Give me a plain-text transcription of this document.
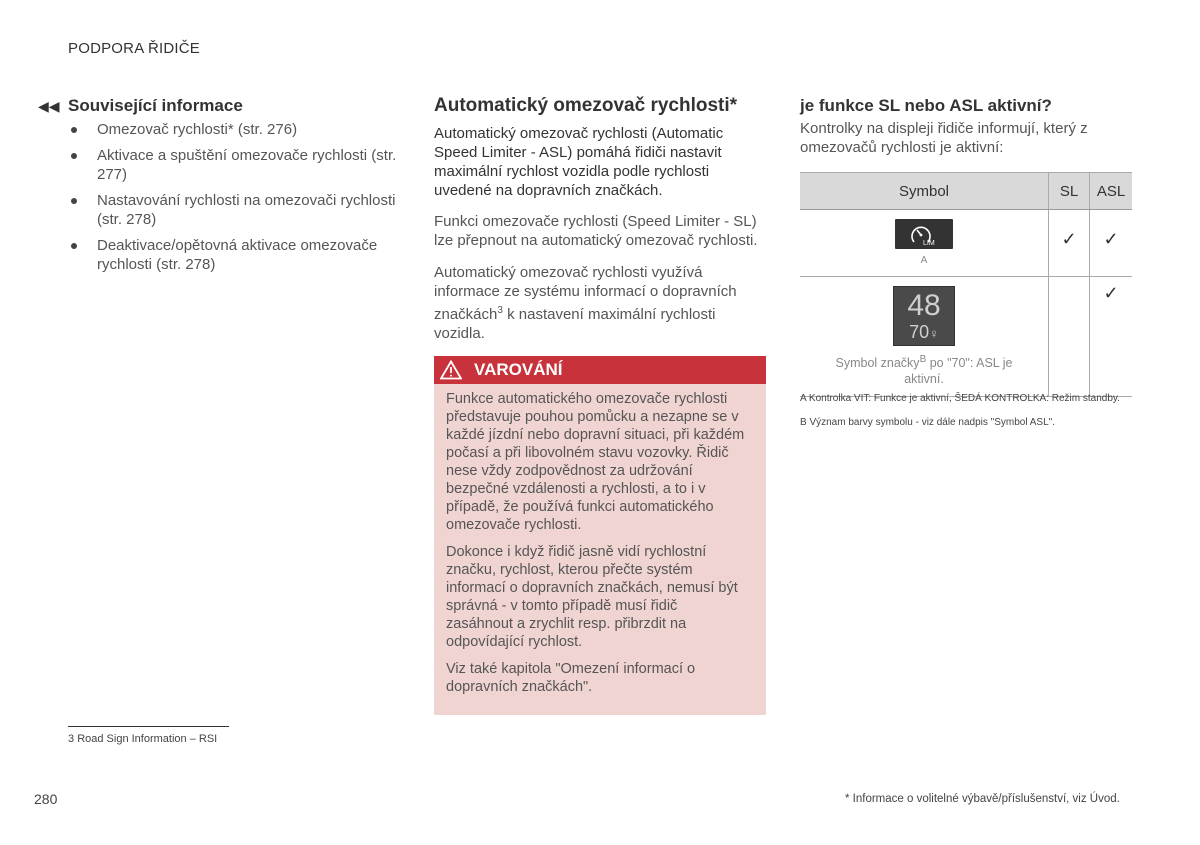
PODPORA ŘIDIČE
◀◀ Související informace
Omezovač rychlosti* (str. 276)
Aktivace a spuštění omezovače rychlosti (str. 277)
Nastavování rychlosti na omezovači rychlosti (str. 278)
Deaktivace/opětovná aktivace omezovače rychlosti (str. 278)
Automatický omezovač rychlosti*

Automatický omezovač rychlosti (Automatic Speed Limiter - ASL) pomáhá řidiči nastavit maximální rychlost vozidla podle rychlosti uvedené na dopravních značkách.

Funkci omezovače rychlosti (Speed Limiter - SL) lze přepnout na automatický omezovač rychlosti.

Automatický omezovač rychlosti využívá informace ze systému informací o dopravních značkách$^3$ k nastavení maximální rychlosti vozidla.

VAROVÁNÍ

Funkce automatického omezovače rychlosti představuje pouhou pomůcku a nezapne se v každé jízdní nebo dopravní situaci, při každém počasí a při libovolném stavu vozovky. Řidič nese vždy zodpovědnost za udržování bezpečné vzdálenosti a rychlosti, a to i v případě, že používá funkci automatického omezovače rychlosti.

Dokonce i když řidič jasně vidí rychlostní značku, rychlost, kterou přečte systém informací o dopravních značkách, nemusí být správná - v tomto případě musí řidič zasáhnout a zrychlit resp. přibrzdit na odpovídající rychlost.

Viz také kapitola "Omezení informací o dopravních značkách".

je funkce SL nebo ASL aktivní?

Kontrolky na displeji řidiče informují, který z omezovačů rychlosti je aktivní:

Symbol	SL	ASL

LIM
A	✓	✓

48
70♀
Symbol značky$^B$ po "70": ASL je aktivní.		✓
A Kontrolka VIT: Funkce je aktivní, ŠEDÁ KONTROLKA: Režim standby.
B Význam barvy symbolu - viz dále nadpis "Symbol ASL".
3 Road Sign Information – RSI
280	* Informace o volitelné výbavě/příslušenství, viz Úvod.
